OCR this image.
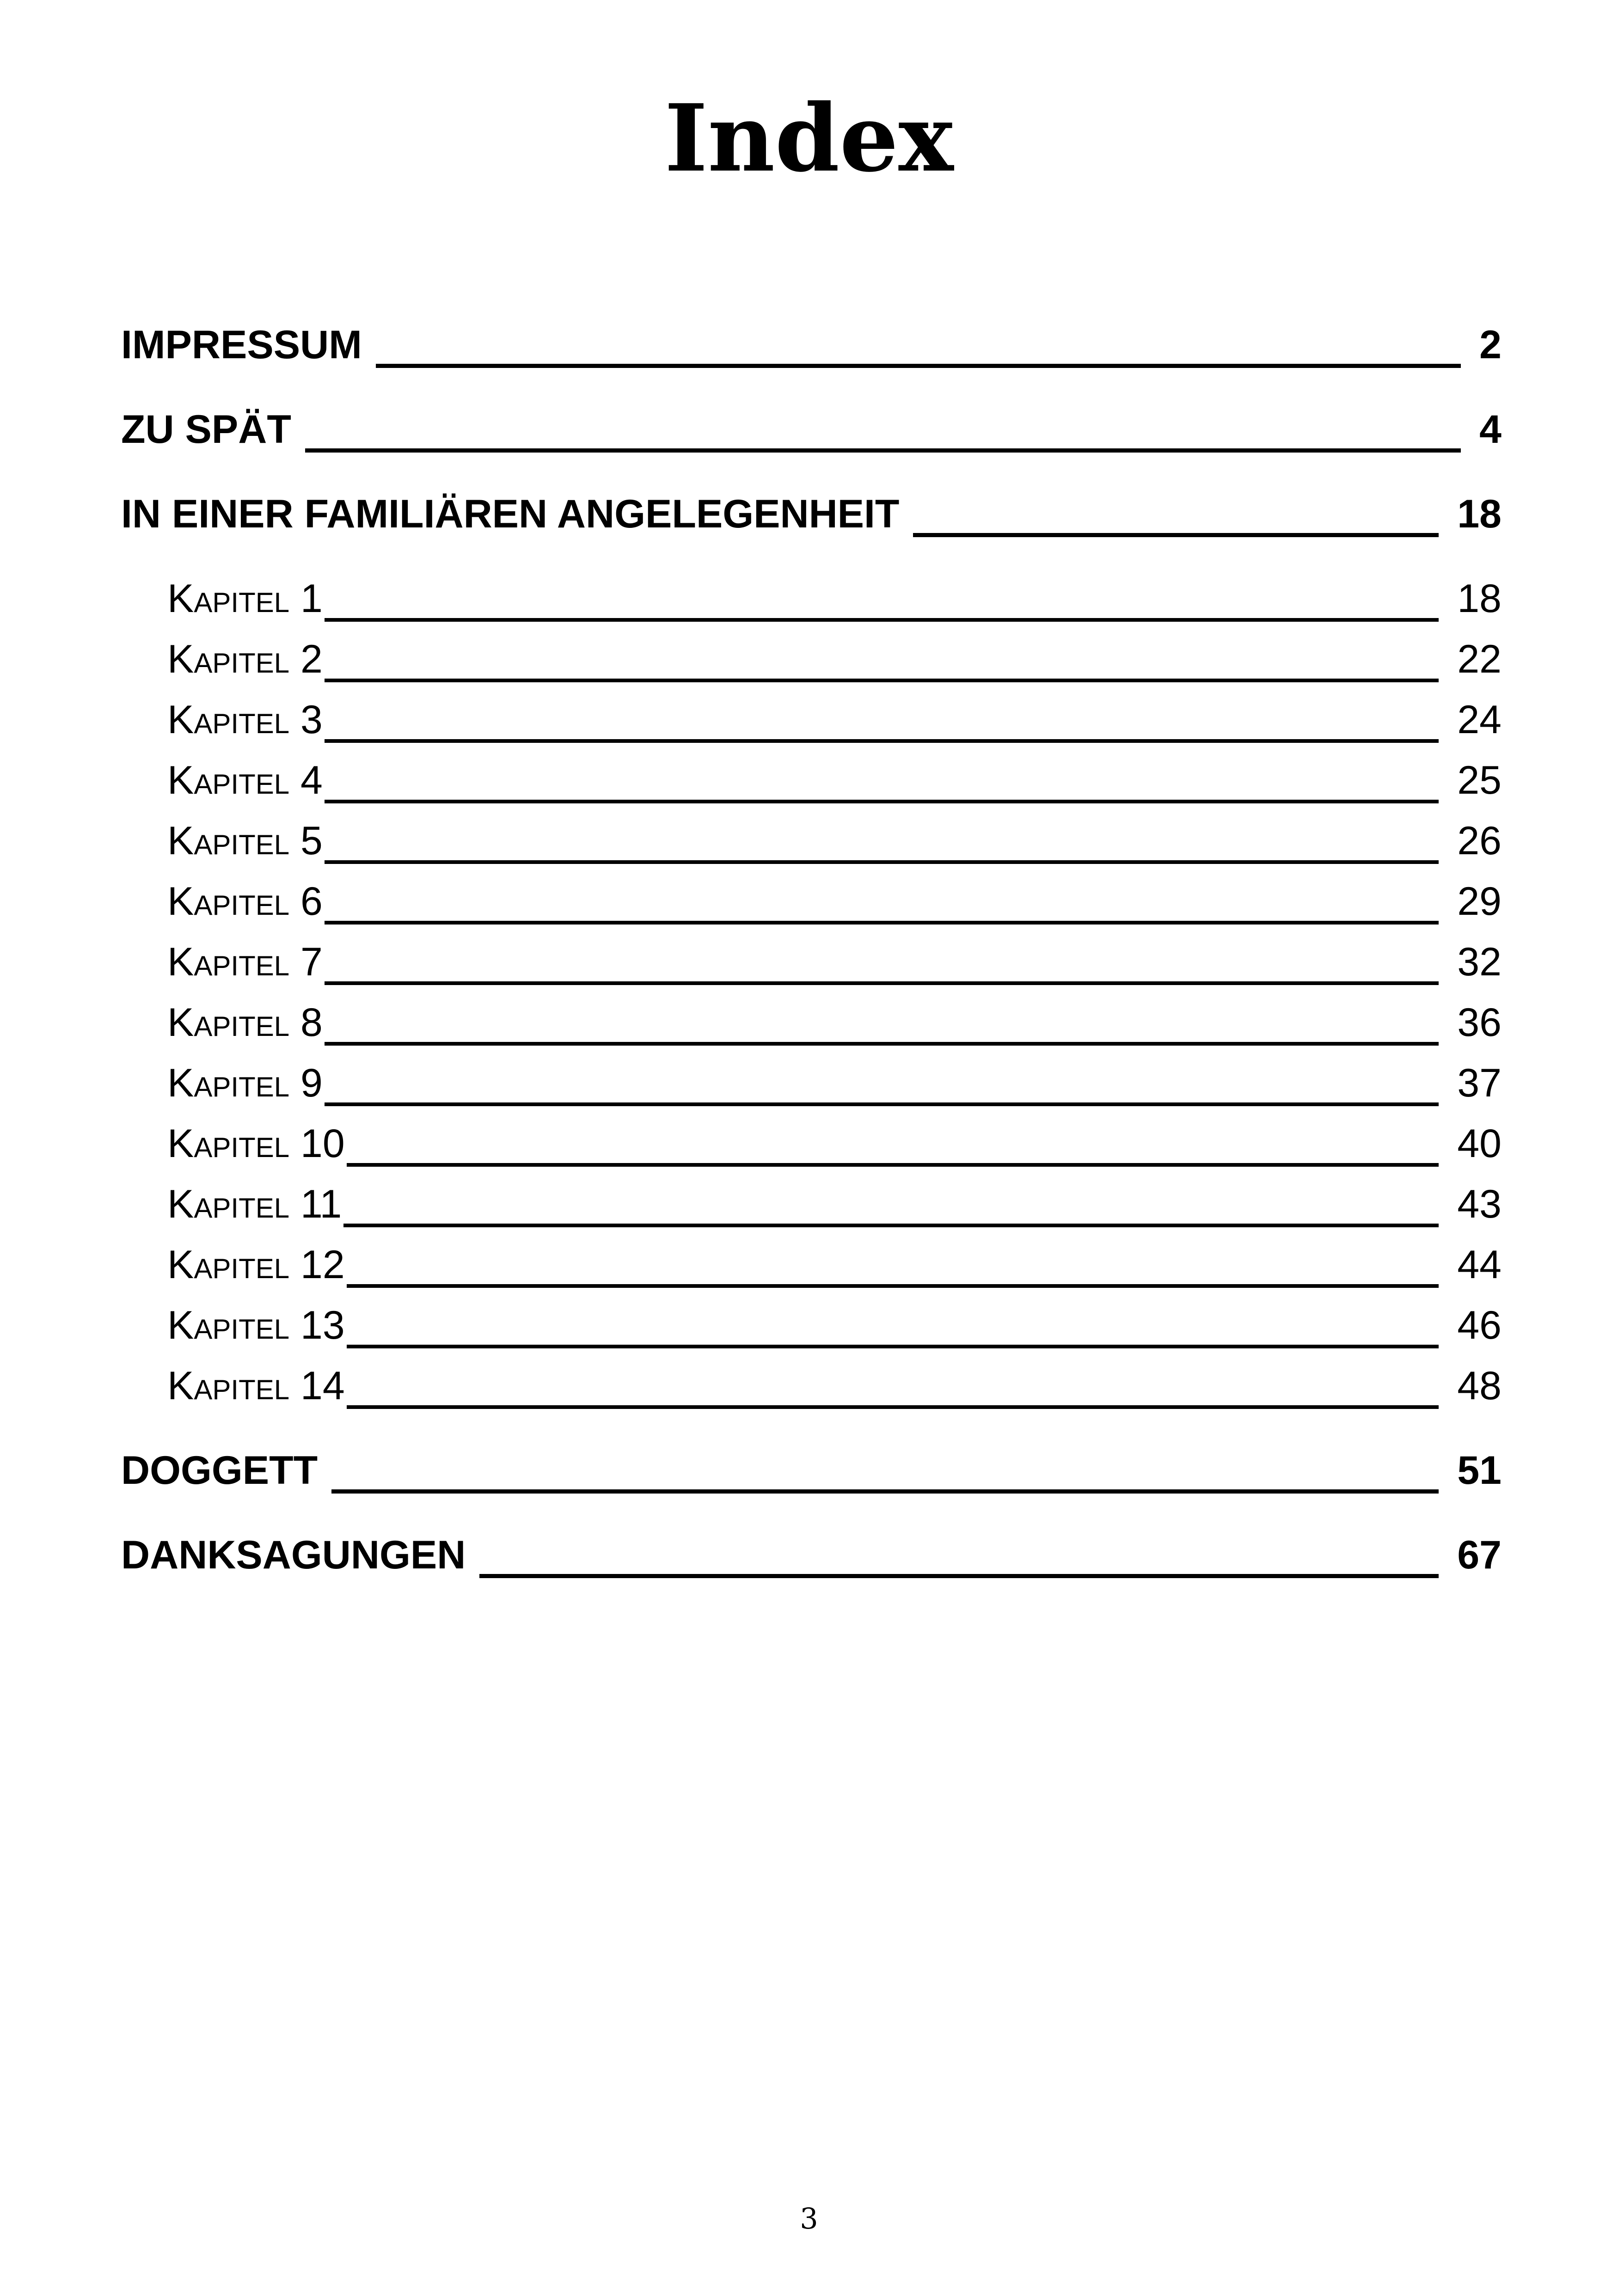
Index
IMPRESSUM	2
ZU SPÄT	4
IN EINER FAMILIÄREN ANGELEGENHEIT	18
Kapitel 1	18
Kapitel 2	22
Kapitel 3	24
Kapitel 4	25
Kapitel 5	26
Kapitel 6	29
Kapitel 7	32
Kapitel 8	36
Kapitel 9	37
Kapitel 10	40
Kapitel 11	43
Kapitel 12	44
Kapitel 13	46
Kapitel 14	48
DOGGETT	51
DANKSAGUNGEN	67
3
